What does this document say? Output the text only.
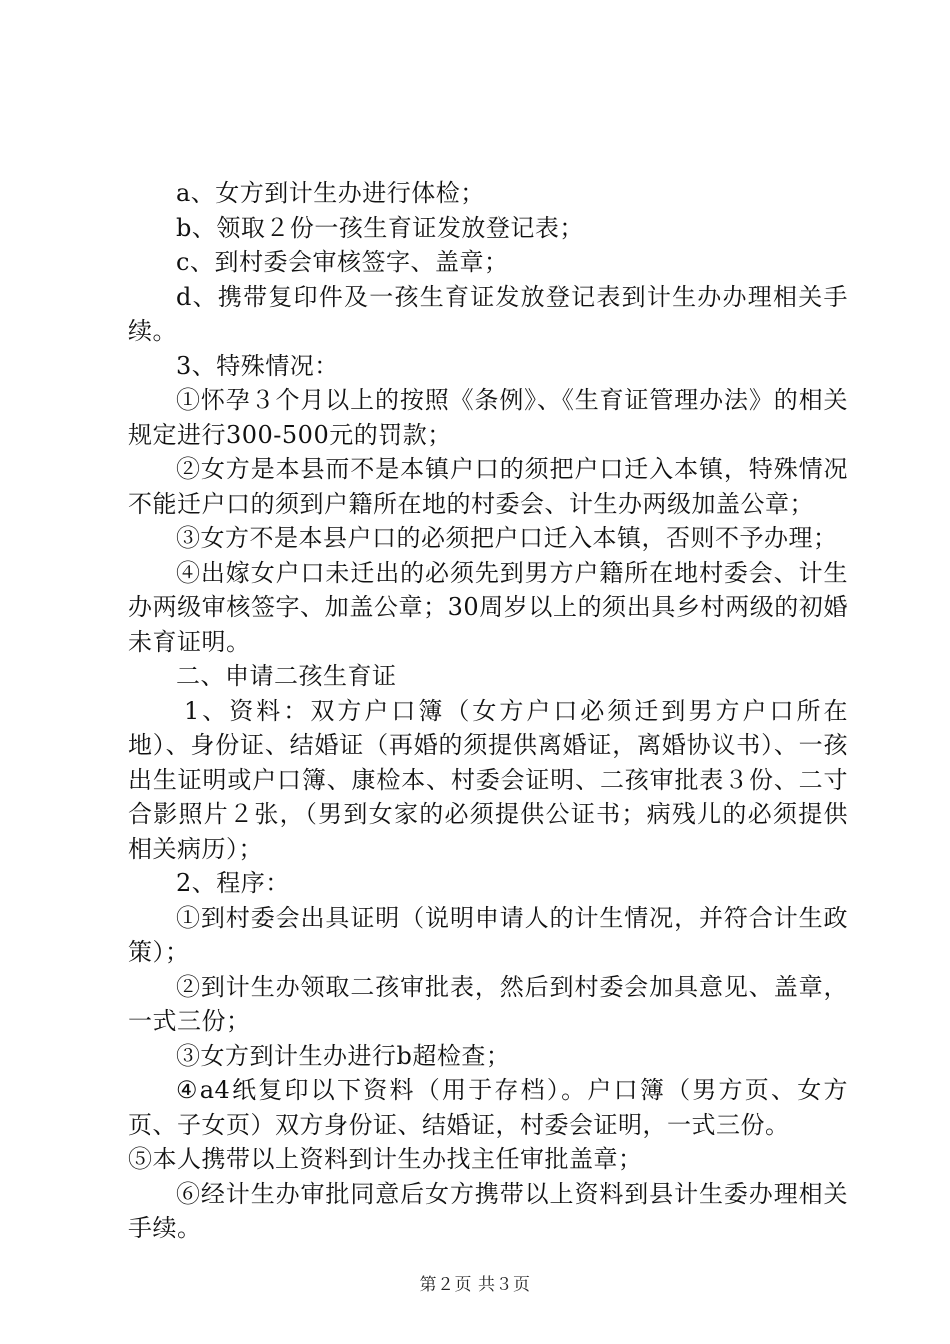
a、女方到计生办进行体检；

b、领取２份一孩生育证发放登记表；

c、到村委会审核签字、盖章；

d、携带复印件及一孩生育证发放登记表到计生办办理相关手续。

3、特殊情况：

①怀孕３个月以上的按照《条例》、《生育证管理办法》的相关规定进行300-500元的罚款；

②女方是本县而不是本镇户口的须把户口迁入本镇，特殊情况不能迁户口的须到户籍所在地的村委会、计生办两级加盖公章；

③女方不是本县户口的必须把户口迁入本镇，否则不予办理；

④出嫁女户口未迁出的必须先到男方户籍所在地村委会、计生办两级审核签字、加盖公章；30周岁以上的须出具乡村两级的初婚未育证明。

二、申请二孩生育证

1、资料：双方户口簿（女方户口必须迁到男方户口所在地）、身份证、结婚证（再婚的须提供离婚证，离婚协议书）、一孩出生证明或户口簿、康检本、村委会证明、二孩审批表３份、二寸合影照片２张，（男到女家的必须提供公证书；病残儿的必须提供相关病历）；

2、程序：

①到村委会出具证明（说明申请人的计生情况，并符合计生政策）；

②到计生办领取二孩审批表，然后到村委会加具意见、盖章，一式三份；

③女方到计生办进行b超检查；

④a4纸复印以下资料（用于存档）。户口簿（男方页、女方页、子女页）双方身份证、结婚证，村委会证明，一式三份。

⑤本人携带以上资料到计生办找主任审批盖章；

⑥经计生办审批同意后女方携带以上资料到县计生委办理相关手续。

第２页 共３页
